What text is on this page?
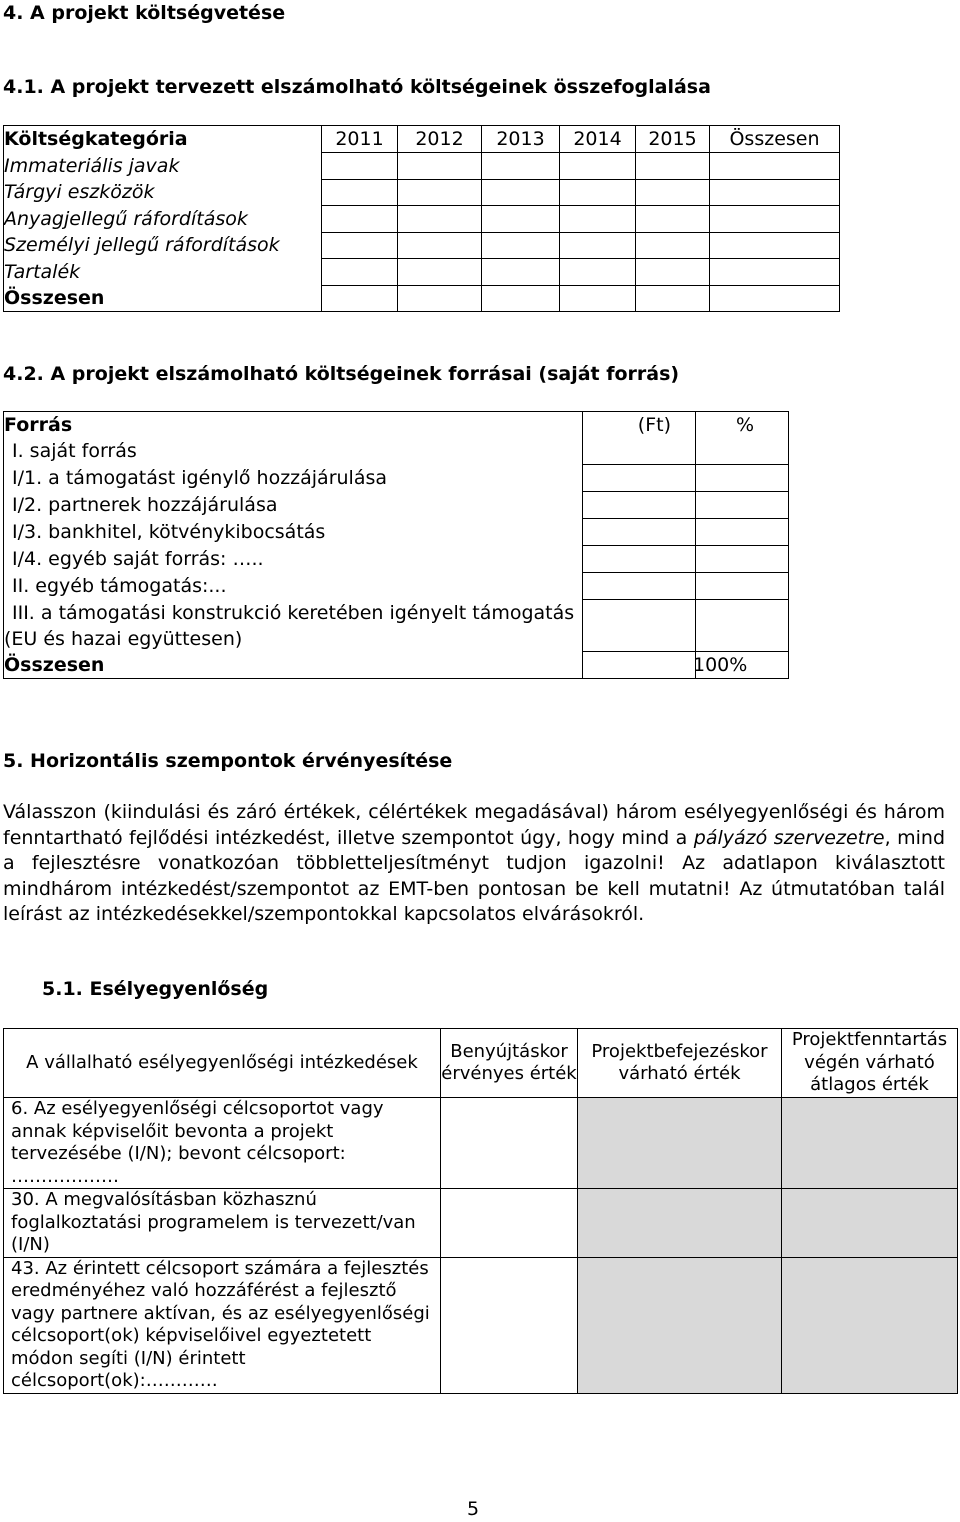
4. A projekt költségvetése
4.1. A projekt tervezett elszámolható költségeinek összefoglalása
Költségkategória	2011	2012	2013	2014	2015	Összesen
Immateriális javak						
Tárgyi eszközök						
Anyagjellegű ráfordítások						
Személyi jellegű ráfordítások						
Tartalék						
Összesen						
4.2. A projekt elszámolható költségeinek forrásai (saját forrás)
Forrás	(Ft)	%
I. saját forrás		
I/1. a támogatást igénylő hozzájárulása		
I/2. partnerek hozzájárulása		
I/3. bankhitel, kötvénykibocsátás		
I/4. egyéb saját forrás: …..		
II. egyéb támogatás:...		
III. a támogatási konstrukció keretében igényelt támogatás (EU és hazai együttesen)		
Összesen		100%
5. Horizontális szempontok érvényesítése

Válasszon (kiindulási és záró értékek, célértékek megadásával) három esélyegyenlőségi és három fenntartható fejlődési intézkedést, illetve szempontot úgy, hogy mind a pályázó szervezetre, mind a fejlesztésre vonatkozóan többletteljesítményt tudjon igazolni! Az adatlapon kiválasztott mindhárom intézkedést/szempontot az EMT-ben pontosan be kell mutatni! Az útmutatóban talál leírást az intézkedésekkel/szempontokkal kapcsolatos elvárásokról.

5.1. Esélyegyenlőség
A vállalható esélyegyenlőségi intézkedések	Benyújtáskor érvényes érték	Projektbefejezéskor várható érték	Projektfenntartás végén várható átlagos érték
6. Az esélyegyenlőségi célcsoportot vagy annak képviselőit bevonta a projekt tervezésébe (I/N); bevont célcsoport: ………………			
30. A megvalósításban közhasznú foglalkoztatási programelem is tervezett/van (I/N)			
43. Az érintett célcsoport számára a fejlesztés eredményéhez való hozzáférést a fejlesztő vagy partnere aktívan, és az esélyegyenlőségi célcsoport(ok) képviselőivel egyeztetett módon segíti (I/N) érintett célcsoport(ok):…………			
5
